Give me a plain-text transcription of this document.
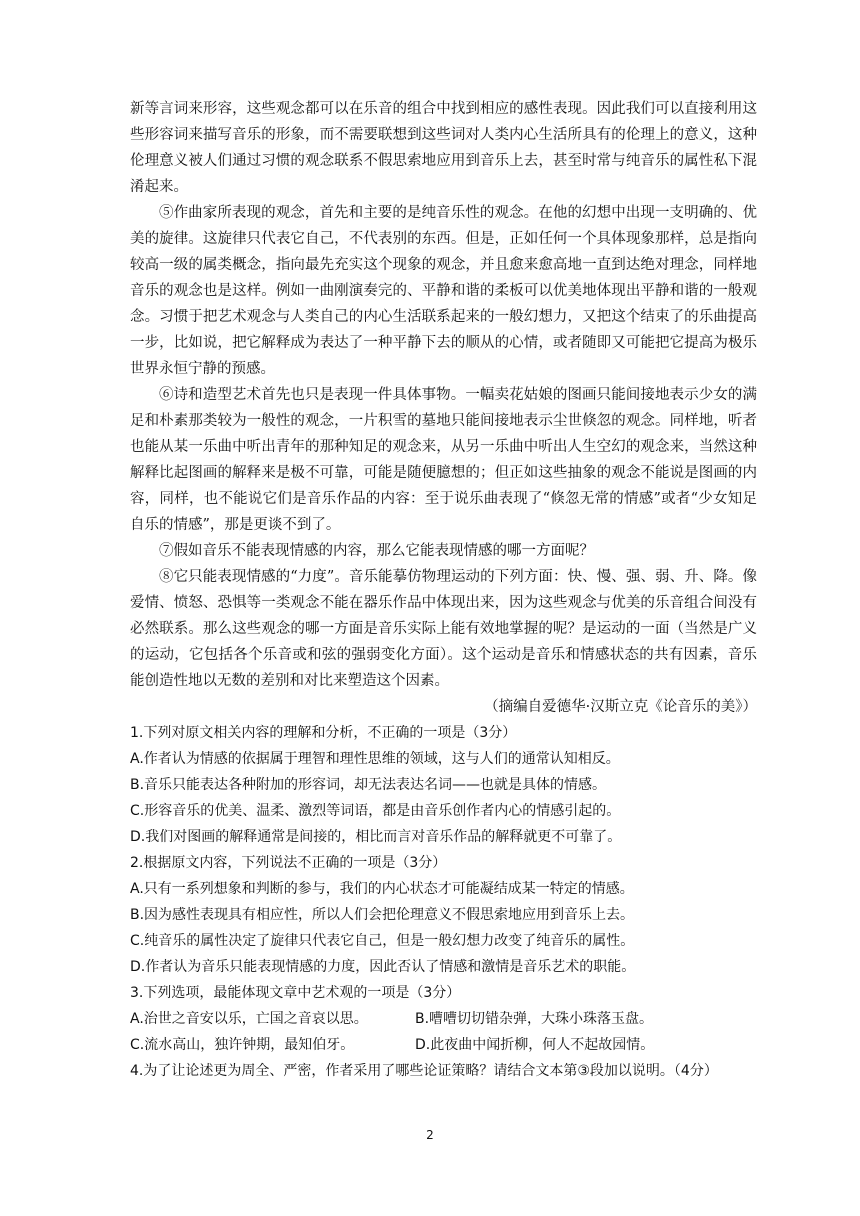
新等言词来形容，这些观念都可以在乐音的组合中找到相应的感性表现。因此我们可以直接利用这些形容词来描写音乐的形象，而不需要联想到这些词对人类内心生活所具有的伦理上的意义，这种伦理意义被人们通过习惯的观念联系不假思索地应用到音乐上去，甚至时常与纯音乐的属性私下混淆起来。

⑤作曲家所表现的观念，首先和主要的是纯音乐性的观念。在他的幻想中出现一支明确的、优美的旋律。这旋律只代表它自己，不代表别的东西。但是，正如任何一个具体现象那样，总是指向较高一级的属类概念，指向最先充实这个现象的观念，并且愈来愈高地一直到达绝对理念，同样地音乐的观念也是这样。例如一曲刚演奏完的、平静和谐的柔板可以优美地体现出平静和谐的一般观念。习惯于把艺术观念与人类自己的内心生活联系起来的一般幻想力，又把这个结束了的乐曲提高一步，比如说，把它解释成为表达了一种平静下去的顺从的心情，或者随即又可能把它提高为极乐世界永恒宁静的预感。

⑥诗和造型艺术首先也只是表现一件具体事物。一幅卖花姑娘的图画只能间接地表示少女的满足和朴素那类较为一般性的观念，一片积雪的墓地只能间接地表示尘世倏忽的观念。同样地，听者也能从某一乐曲中听出青年的那种知足的观念来，从另一乐曲中听出人生空幻的观念来，当然这种解释比起图画的解释来是极不可靠，可能是随便臆想的；但正如这些抽象的观念不能说是图画的内容，同样，也不能说它们是音乐作品的内容：至于说乐曲表现了“倏忽无常的情感”或者“少女知足自乐的情感”，那是更谈不到了。

⑦假如音乐不能表现情感的内容，那么它能表现情感的哪一方面呢？

⑧它只能表现情感的“力度”。音乐能摹仿物理运动的下列方面：快、慢、强、弱、升、降。像爱情、愤怒、恐惧等一类观念不能在器乐作品中体现出来，因为这些观念与优美的乐音组合间没有必然联系。那么这些观念的哪一方面是音乐实际上能有效地掌握的呢？是运动的一面（当然是广义的运动，它包括各个乐音或和弦的强弱变化方面）。这个运动是音乐和情感状态的共有因素，音乐能创造性地以无数的差别和对比来塑造这个因素。

（摘编自爱德华·汉斯立克《论音乐的美》）

1.下列对原文相关内容的理解和分析，不正确的一项是（3分）

A.作者认为情感的依据属于理智和理性思维的领域，这与人们的通常认知相反。

B.音乐只能表达各种附加的形容词，却无法表达名词——也就是具体的情感。

C.形容音乐的优美、温柔、激烈等词语，都是由音乐创作者内心的情感引起的。

D.我们对图画的解释通常是间接的，相比而言对音乐作品的解释就更不可靠了。

2.根据原文内容，下列说法不正确的一项是（3分）

A.只有一系列想象和判断的参与，我们的内心状态才可能凝结成某一特定的情感。

B.因为感性表现具有相应性，所以人们会把伦理意义不假思索地应用到音乐上去。

C.纯音乐的属性决定了旋律只代表它自己，但是一般幻想力改变了纯音乐的属性。

D.作者认为音乐只能表现情感的力度，因此否认了情感和激情是音乐艺术的职能。

3.下列选项，最能体现文章中艺术观的一项是（3分）

A.治世之音安以乐，亡国之音哀以思。	B.嘈嘈切切错杂弹，大珠小珠落玉盘。
C.流水高山，独许钟期，最知伯牙。	D.此夜曲中闻折柳，何人不起故园情。

4.为了让论述更为周全、严密，作者采用了哪些论证策略？请结合文本第③段加以说明。（4分）

2
